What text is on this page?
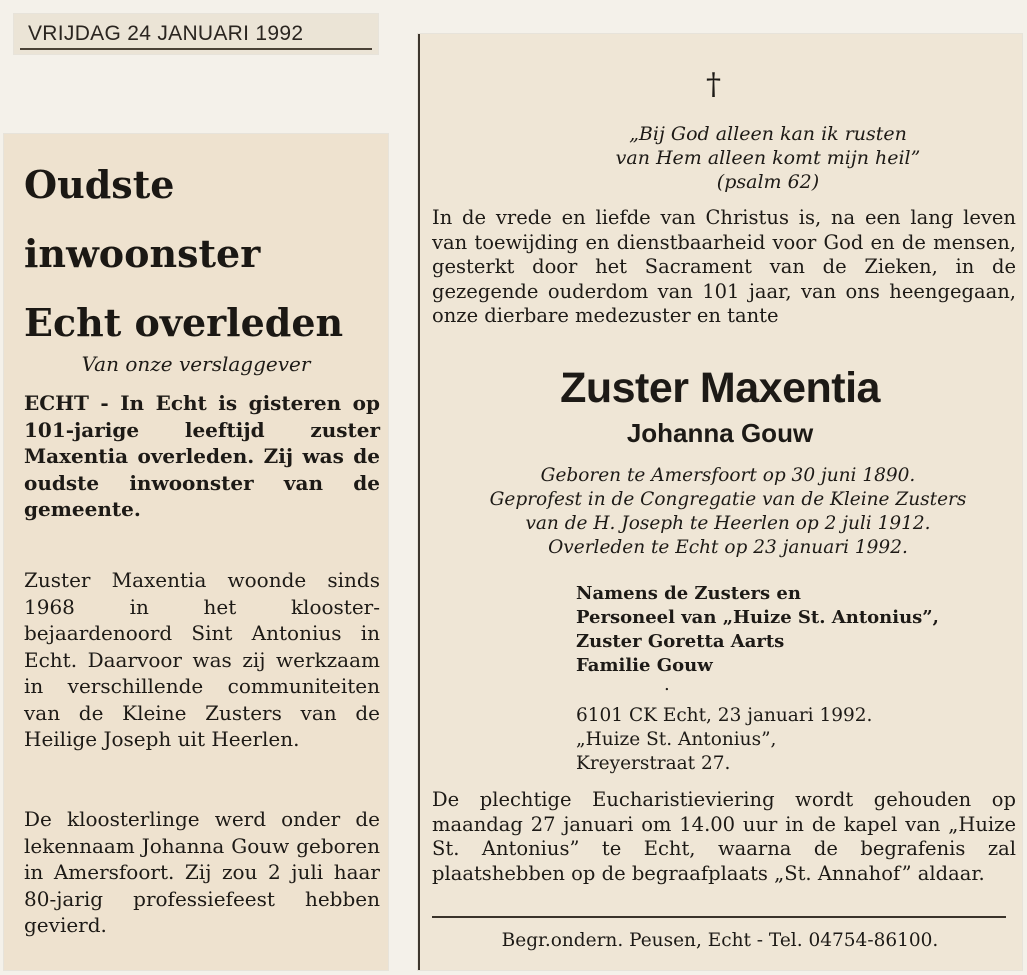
VRIJDAG 24 JANUARI 1992
Oudste
inwoonster
Echt overleden
Van onze verslaggever
ECHT - In Echt is gisteren op 101-jarige leeftijd zuster Maxentia overleden. Zij was de oudste inwoonster van de gemeente.
Zuster Maxentia woonde sinds 1968 in het klooster-bejaardenoord Sint Antonius in Echt. Daarvoor was zij werkzaam in verschillende communiteiten van de Kleine Zusters van de Heilige Joseph uit Heerlen.
De kloosterlinge werd onder de lekennaam Johanna Gouw geboren in Amersfoort. Zij zou 2 juli haar 80-jarig professiefeest hebben gevierd.
†
„Bij God alleen kan ik rusten
van Hem alleen komt mijn heil”
(psalm 62)
In de vrede en liefde van Christus is, na een lang leven van toewijding en dienstbaarheid voor God en de mensen, gesterkt door het Sacrament van de Zieken, in de gezegende ouderdom van 101 jaar, van ons heengegaan, onze dierbare medezuster en tante
Zuster Maxentia
Johanna Gouw
Geboren te Amersfoort op 30 juni 1890.
Geprofest in de Congregatie van de Kleine Zusters
van de H. Joseph te Heerlen op 2 juli 1912.
Overleden te Echt op 23 januari 1992.
Namens de Zusters en
Personeel van „Huize St. Antonius”,
Zuster Goretta Aarts
Familie Gouw
.
6101 CK Echt, 23 januari 1992.
„Huize St. Antonius”,
Kreyerstraat 27.
De plechtige Eucharistieviering wordt gehouden op maandag 27 januari om 14.00 uur in de kapel van „Huize St. Antonius” te Echt, waarna de begrafenis zal plaatshebben op de begraafplaats „St. Annahof” aldaar.
Begr.ondern. Peusen, Echt - Tel. 04754-86100.
